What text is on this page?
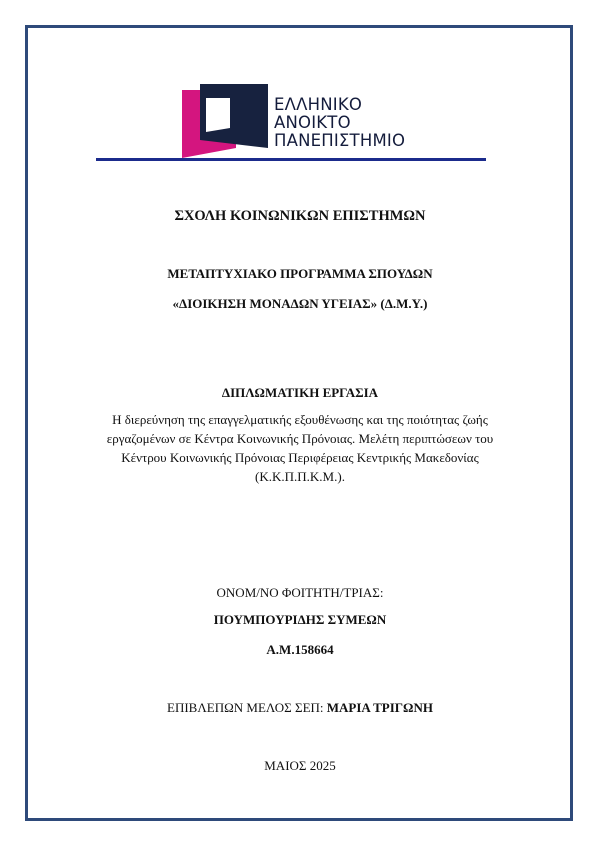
ΕΛΛΗΝΙΚΟ
ΑΝΟΙΚΤΟ
ΠΑΝΕΠΙΣΤΗΜΙΟ
ΣΧΟΛΗ ΚΟΙΝΩΝΙΚΩΝ ΕΠΙΣΤΗΜΩΝ
ΜΕΤΑΠΤΥΧΙΑΚΟ ΠΡΟΓΡΑΜΜΑ ΣΠΟΥΔΩΝ
«ΔΙΟΙΚΗΣΗ ΜΟΝΑΔΩΝ ΥΓΕΙΑΣ» (Δ.Μ.Υ.)
ΔΙΠΛΩΜΑΤΙΚΗ ΕΡΓΑΣΙΑ
Η διερεύνηση της επαγγελματικής εξουθένωσης και της ποιότητας ζωής
εργαζομένων σε Κέντρα Κοινωνικής Πρόνοιας. Μελέτη περιπτώσεων του
Κέντρου Κοινωνικής Πρόνοιας Περιφέρειας Κεντρικής Μακεδονίας
(Κ.Κ.Π.Π.Κ.Μ.).
ΟΝΟΜ/ΝΟ ΦΟΙΤΗΤΗ/ΤΡΙΑΣ:
ΠΟΥΜΠΟΥΡΙΔΗΣ ΣΥΜΕΩΝ
Α.Μ.158664
ΕΠΙΒΛΕΠΩΝ ΜΕΛΟΣ ΣΕΠ: ΜΑΡΙΑ ΤΡΙΓΩΝΗ
ΜΑΙΟΣ 2025
